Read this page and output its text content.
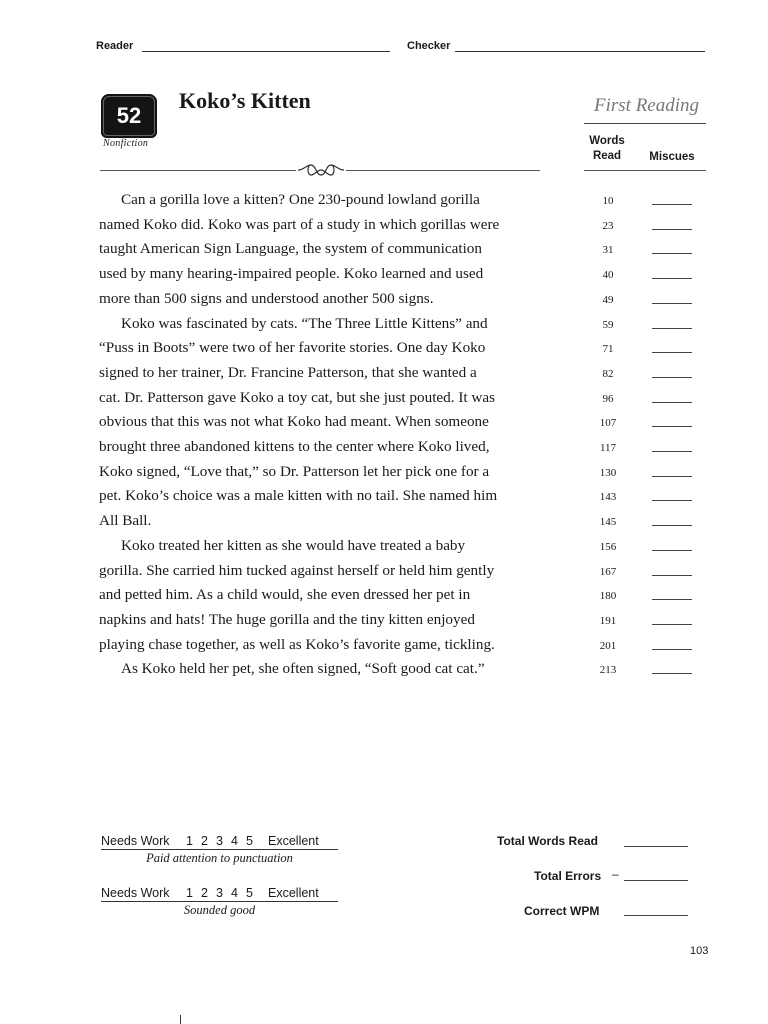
Reader	Checker
52
Nonfiction
Koko’s Kitten	First Reading
Words Read	Miscues
Can a gorilla love a kitten? One 230-pound lowland gorilla	10
named Koko did. Koko was part of a study in which gorillas were	23
taught American Sign Language, the system of communication	31
used by many hearing-impaired people. Koko learned and used	40
more than 500 signs and understood another 500 signs.	49
Koko was fascinated by cats. “The Three Little Kittens” and	59
“Puss in Boots” were two of her favorite stories. One day Koko	71
signed to her trainer, Dr. Francine Patterson, that she wanted a	82
cat. Dr. Patterson gave Koko a toy cat, but she just pouted. It was	96
obvious that this was not what Koko had meant. When someone	107
brought three abandoned kittens to the center where Koko lived,	117
Koko signed, “Love that,” so Dr. Patterson let her pick one for a	130
pet. Koko’s choice was a male kitten with no tail. She named him	143
All Ball.	145
Koko treated her kitten as she would have treated a baby	156
gorilla. She carried him tucked against herself or held him gently	167
and petted him. As a child would, she even dressed her pet in	180
napkins and hats! The huge gorilla and the tiny kitten enjoyed	191
playing chase together, as well as Koko’s favorite game, tickling.	201
As Koko held her pet, she often signed, “Soft good cat cat.”	213
Needs Work 1 2 3 4 5	Excellent
Paid attention to punctuation
Needs Work 1 2 3 4 5	Excellent
Sounded good
Total Words Read
Total Errors –
Correct WPM
103
